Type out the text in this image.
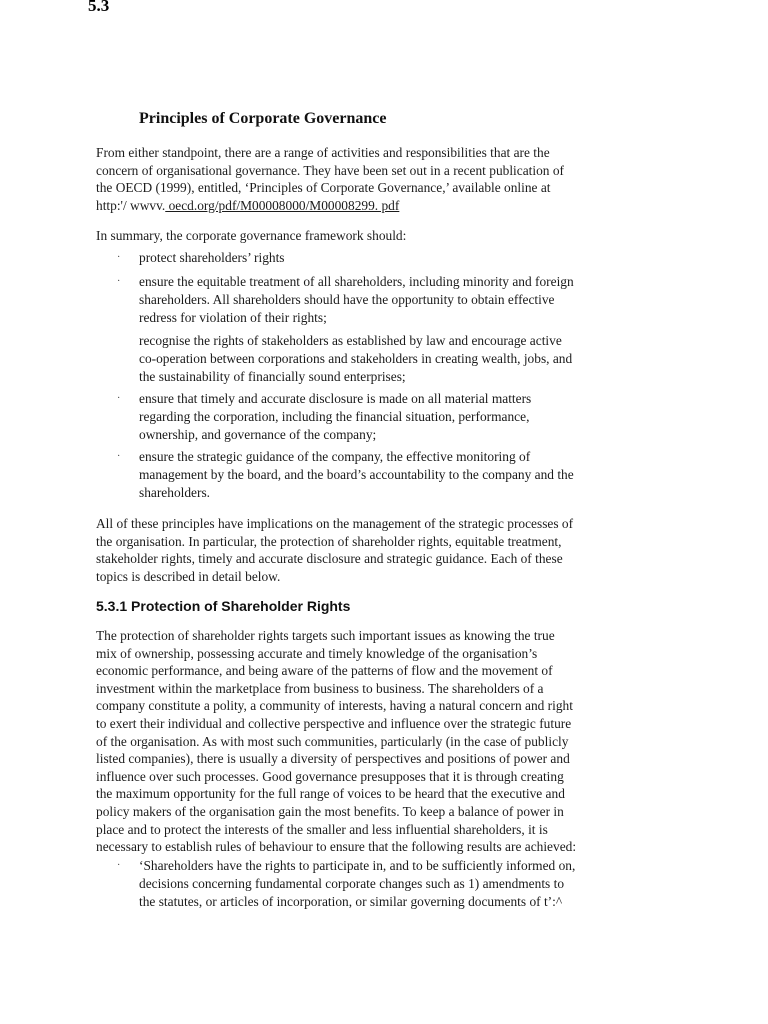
5.3
Principles of Corporate Governance
From either standpoint, there are a range of activities and responsibilities that are the
concern of organisational governance. They have been set out in a recent publication of
the OECD (1999), entitled, ‘Principles of Corporate Governance,’ available online at
http:'/ wwvv. oecd.org/pdf/M00008000/M00008299. pdf
In summary, the corporate governance framework should:
· protect shareholders’ rights
· ensure the equitable treatment of all shareholders, including minority and foreign
shareholders. All shareholders should have the opportunity to obtain effective
redress for violation of their rights;
recognise the rights of stakeholders as established by law and encourage active
co-operation between corporations and stakeholders in creating wealth, jobs, and
the sustainability of financially sound enterprises;
· ensure that timely and accurate disclosure is made on all material matters
regarding the corporation, including the financial situation, performance,
ownership, and governance of the company;
· ensure the strategic guidance of the company, the effective monitoring of
management by the board, and the board’s accountability to the company and the
shareholders.
All of these principles have implications on the management of the strategic processes of
the organisation. In particular, the protection of shareholder rights, equitable treatment,
stakeholder rights, timely and accurate disclosure and strategic guidance. Each of these
topics is described in detail below.
5.3.1 Protection of Shareholder Rights
The protection of shareholder rights targets such important issues as knowing the true
mix of ownership, possessing accurate and timely knowledge of the organisation’s
economic performance, and being aware of the patterns of flow and the movement of
investment within the marketplace from business to business. The shareholders of a
company constitute a polity, a community of interests, having a natural concern and right
to exert their individual and collective perspective and influence over the strategic future
of the organisation. As with most such communities, particularly (in the case of publicly
listed companies), there is usually a diversity of perspectives and positions of power and
influence over such processes. Good governance presupposes that it is through creating
the maximum opportunity for the full range of voices to be heard that the executive and
policy makers of the organisation gain the most benefits. To keep a balance of power in
place and to protect the interests of the smaller and less influential shareholders, it is
necessary to establish rules of behaviour to ensure that the following results are achieved:
· ‘Shareholders have the rights to participate in, and to be sufficiently informed on,
decisions concerning fundamental corporate changes such as 1) amendments to
the statutes, or articles of incorporation, or similar governing documents of t’:^
